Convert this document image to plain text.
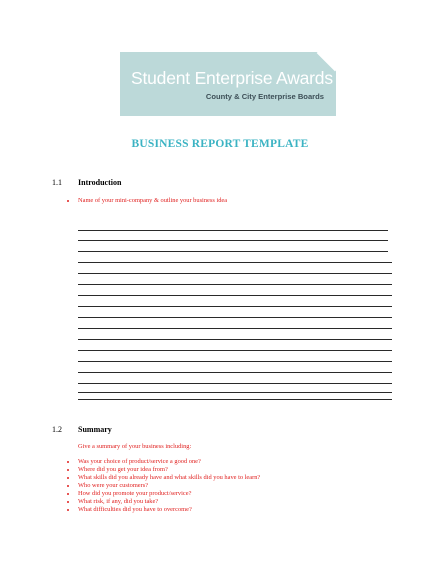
Student Enterprise Awards
County & City Enterprise Boards
BUSINESS REPORT TEMPLATE
1.1 Introduction
Name of your mini-company & outline your business idea
1.2 Summary
Give a summary of your business including:
Was your choice of product/service a good one?
Where did you get your idea from?
What skills did you already have and what skills did you have to learn?
Who were your customers?
How did you promote your product/service?
What risk, if any, did you take?
What difficulties did you have to overcome?
